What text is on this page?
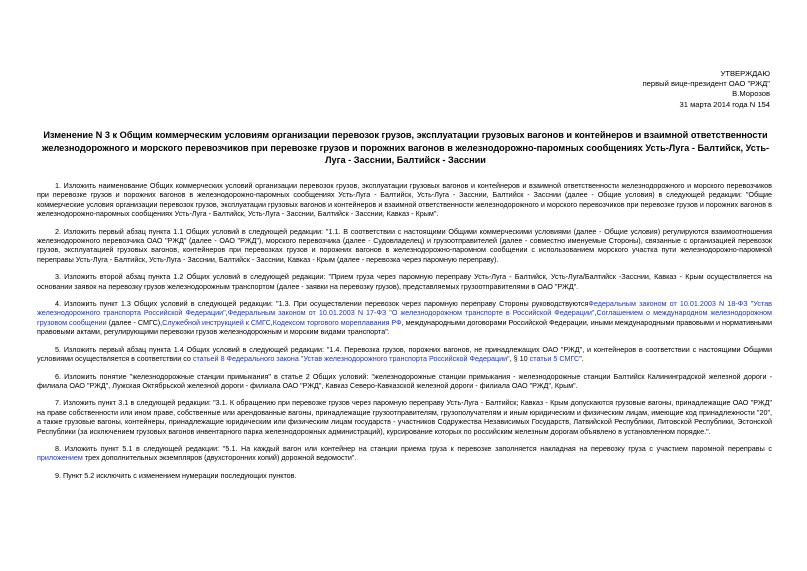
УТВЕРЖДАЮ
первый вице-президент ОАО "РЖД"
В.Морозов
31 марта 2014 года N 154
Изменение N 3 к Общим коммерческим условиям организации перевозок грузов, эксплуатации грузовых вагонов и контейнеров и взаимной ответственности железнодорожного и морского перевозчиков при перевозке грузов и порожних вагонов в железнодорожно-паромных сообщениях Усть-Луга - Балтийск, Усть-Луга - Засснии, Балтийск - Засснии

1. Изложить наименование Общих коммерческих условий организации перевозок грузов, эксплуатации грузовых вагонов и контейнеров и взаимной ответственности железнодорожного и морского перевозчиков при перевозке грузов и порожних вагонов в железнодорожно-паромных сообщениях Усть-Луга - Балтийск, Усть-Луга - Засснии, Балтийск - Засснии (далее - Общие условия) в следующей редакции: "Общие коммерческие условия организации перевозок грузов, эксплуатации грузовых вагонов и контейнеров и взаимной ответственности железнодорожного и морского перевозчиков при перевозке грузов и порожних вагонов в железнодорожно-паромных сообщениях Усть-Луга - Балтийск, Усть-Луга - Засснии, Балтийск - Засснии, Кавказ - Крым".

2. Изложить первый абзац пункта 1.1 Общих условий в следующей редакции: "1.1. В соответствии с настоящими Общими коммерческими условиями (далее - Общие условия) регулируются взаимоотношения железнодорожного перевозчика ОАО "РЖД" (далее - ОАО "РЖД"), морского перевозчика (далее - Судовладелец) и грузоотправителей (далее - совместно именуемые Стороны), связанные с организацией перевозок грузов, эксплуатацией грузовых вагонов, контейнеров при перевозках грузов и порожних вагонов в железнодорожно-паромном сообщении с использованием морского участка пути железнодорожно-паромной переправы Усть-Луга - Балтийск, Усть-Луга - Засснии, Балтийск - Засснии, Кавказ - Крым (далее - перевозка через паромную переправу).

3. Изложить второй абзац пункта 1.2 Общих условий в следующей редакции: "Прием груза через паромную переправу Усть-Луга - Балтийск, Усть-Луга/Балтийск -Засснии, Кавказ - Крым осуществляется на основании заявок на перевозку грузов железнодорожным транспортом (далее - заявки на перевозку грузов), представляемых грузоотправителями в ОАО "РЖД".

4. Изложить пункт 1.3 Общих условий в следующей редакции: "1.3. При осуществлении перевозок через паромную переправу Стороны руководствуютсяФедеральным законом от 10.01.2003 N 18-ФЗ "Устав железнодорожного транспорта Российской Федерации",Федеральным законом от 10.01.2003 N 17-ФЗ "О железнодорожном транспорте в Российской Федерации",Соглашением о международном железнодорожном грузовом сообщении (далее - СМГС),Служебной инструкцией к СМГС,Кодексом торгового мореплавания РФ, международными договорами Российской Федерации, иными международными правовыми и нормативными правовыми актами, регулирующими перевозки грузов железнодорожным и морским видами транспорта".

5. Изложить первый абзац пункта 1.4 Общих условий в следующей редакции: "1.4. Перевозка грузов, порожних вагонов, не принадлежащих ОАО "РЖД", и контейнеров в соответствии с настоящими Общими условиями осуществляется в соответствии со статьей 8 Федерального закона "Устав железнодорожного транспорта Российской Федерации", § 10 статьи 5 СМГС".

6. Изложить понятие "железнодорожные станции примыкания" в статье 2 Общих условий: "железнодорожные станции примыкания - железнодорожные станции Балтийск Калининградской железной дороги - филиала ОАО "РЖД", Лужская Октябрьской железной дороги - филиала ОАО "РЖД", Кавказ Северо-Кавказской железной дороги - филиала ОАО "РЖД", Крым".

7. Изложить пункт 3.1 в следующей редакции: "3.1. К обращению при перевозке грузов через паромную переправу Усть-Луга - Балтийск; Кавказ - Крым допускаются грузовые вагоны, принадлежащие ОАО "РЖД" на праве собственности или ином праве, собственные или арендованные вагоны, принадлежащие грузоотправителям, грузополучателям и иным юридическим и физическим лицам, имеющие код принадлежности "20", а также грузовые вагоны, контейнеры, принадлежащие юридическим или физическим лицам государств - участников Содружества Независимых Государств, Латвийской Республики, Литовской Республики, Эстонской Республики (за исключением грузовых вагонов инвентарного парка железнодорожных администраций), курсирование которых по российским железным дорогам объявлено в установленном порядке.".

8. Изложить пункт 5.1 в следующей редакции: "5.1. На каждый вагон или контейнер на станции приема груза к перевозке заполняется накладная на перевозку груза с участием паромной переправы с приложением трех дополнительных экземпляров (двухсторонних копий) дорожной ведомости".

9. Пункт 5.2 исключить с изменением нумерации последующих пунктов.
